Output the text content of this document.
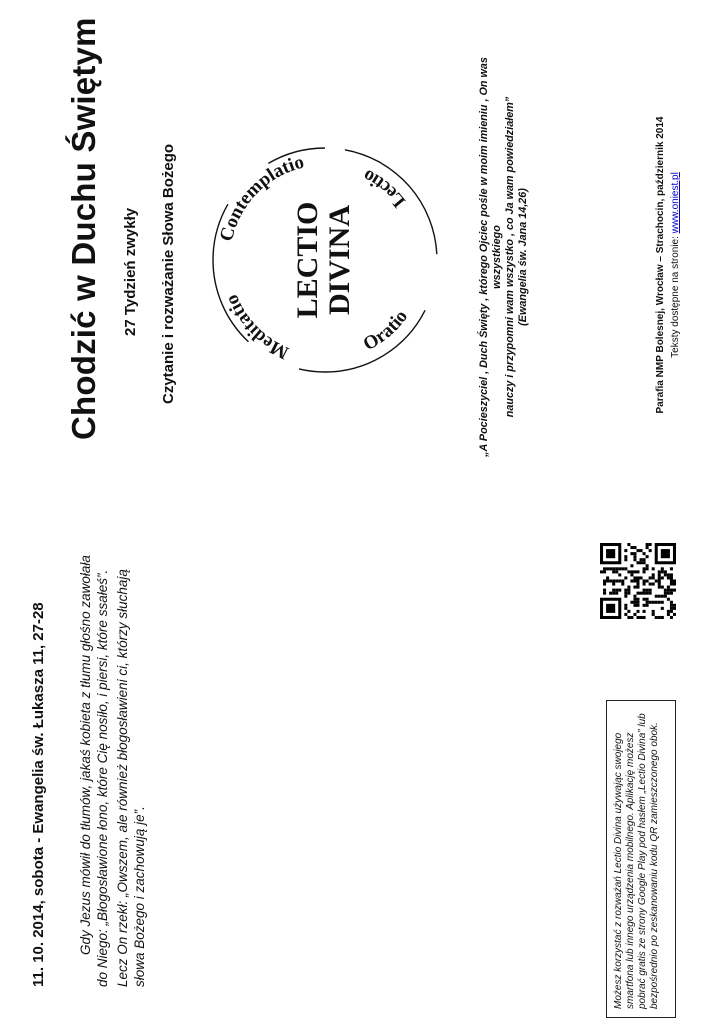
11. 10. 2014, sobota - Ewangelia św. Łukasza 11, 27-28 Gdy Jezus mówił do tłumów, jakaś kobieta z tłumu głośno zawołała do Niego: „Błogosławione łono, które Cię nosiło, i piersi, które ssałeś”. Lecz On rzekł: „Owszem, ale również błogosławieni ci, którzy słuchają słowa Bożego i zachowują je”.

Chodzić w Duchu Świętym 27 Tydzień zwykły Czytanie i rozważanie Słowa Bożego	Meditatio
Contemplatio
Oratio
Lectio
LECTIO DIVINA	„A Pocieszyciel , Duch Święty , którego Ojciec pośle w moim imieniu , On was wszystkiego nauczy i przypomni wam wszystko , co Ja wam powiedziałem” (Ewangelia św. Jana 14,26)	Parafia NMP Bolesnej, Wrocław – Strachocin, październik 2014 Teksty dostępne na stronie: www.oniest.pl
Możesz korzystać z rozważań Lectio Divina używając swojego smartfona lub innego urządzenia mobilnego. Aplikację możesz pobrać gratis ze strony Google Play pod hasłem „Lectio Divina” lub bezpośrednio po zeskanowaniu kodu QR zamieszczonego obok.
